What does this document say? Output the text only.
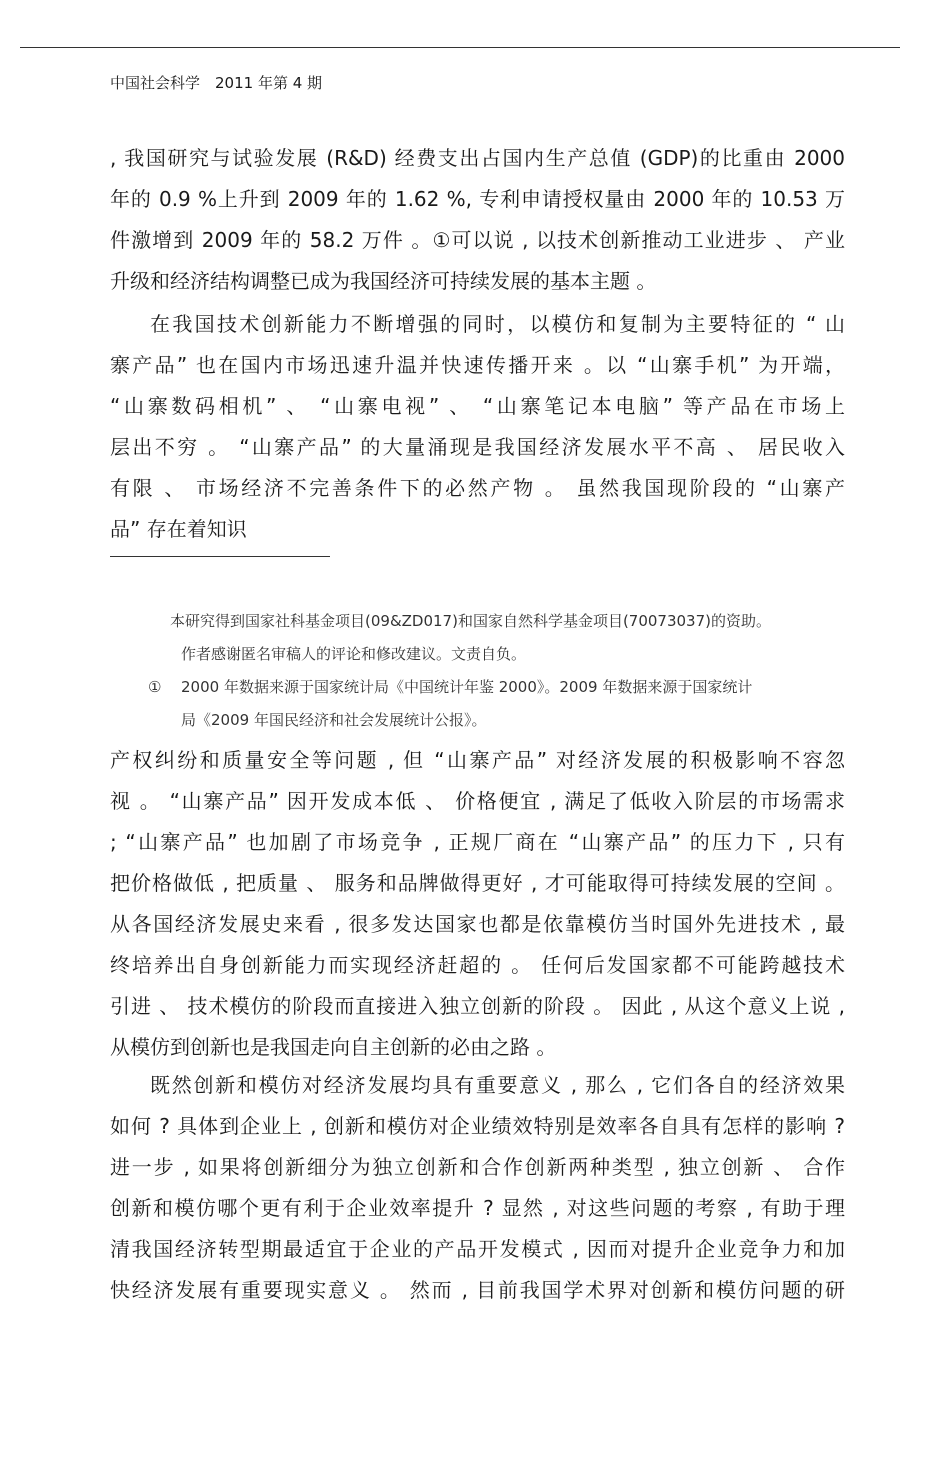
中国社会科学　2011 年第 4 期
, 我国研究与试验发展 (R&D) 经费支出占国内生产总值 (GDP)的比重由 2000
年的 0.9 %上升到 2009 年的 1.62 %, 专利申请授权量由 2000 年的 10.53 万
件激增到 2009 年的 58.2 万件 。①可以说 , 以技术创新推动工业进步 、 产业
升级和经济结构调整已成为我国经济可持续发展的基本主题 。
在我国技术创新能力不断增强的同时，以模仿和复制为主要特征的 “ 山
寨产品” 也在国内市场迅速升温并快速传播开来 。以 “山寨手机” 为开端，
“山寨数码相机” 、 “山寨电视” 、 “山寨笔记本电脑” 等产品在市场上
层出不穷 。 “山寨产品” 的大量涌现是我国经济发展水平不高 、 居民收入
有限 、 市场经济不完善条件下的必然产物 。 虽然我国现阶段的 “山寨产
品” 存在着知识
本研究得到国家社科基金项目(09&ZD017)和国家自然科学基金项目(70073037)的资助。
作者感谢匿名审稿人的评论和修改建议。文责自负。
① 2000 年数据来源于国家统计局《中国统计年鉴 2000》。2009 年数据来源于国家统计
局《2009 年国民经济和社会发展统计公报》。
产权纠纷和质量安全等问题 , 但 “山寨产品” 对经济发展的积极影响不容忽
视 。 “山寨产品” 因开发成本低 、 价格便宜 , 满足了低收入阶层的市场需求
; “山寨产品” 也加剧了市场竞争 , 正规厂商在 “山寨产品” 的压力下 , 只有
把价格做低 , 把质量 、 服务和品牌做得更好 , 才可能取得可持续发展的空间 。
从各国经济发展史来看 , 很多发达国家也都是依靠模仿当时国外先进技术 , 最
终培养出自身创新能力而实现经济赶超的 。 任何后发国家都不可能跨越技术
引进 、 技术模仿的阶段而直接进入独立创新的阶段 。 因此 , 从这个意义上说 ,
从模仿到创新也是我国走向自主创新的必由之路 。
既然创新和模仿对经济发展均具有重要意义 , 那么 , 它们各自的经济效果
如何 ? 具体到企业上 , 创新和模仿对企业绩效特别是效率各自具有怎样的影响 ?
进一步 , 如果将创新细分为独立创新和合作创新两种类型 , 独立创新 、 合作
创新和模仿哪个更有利于企业效率提升 ? 显然 , 对这些问题的考察 , 有助于理
清我国经济转型期最适宜于企业的产品开发模式 , 因而对提升企业竞争力和加
快经济发展有重要现实意义 。 然而 , 目前我国学术界对创新和模仿问题的研
